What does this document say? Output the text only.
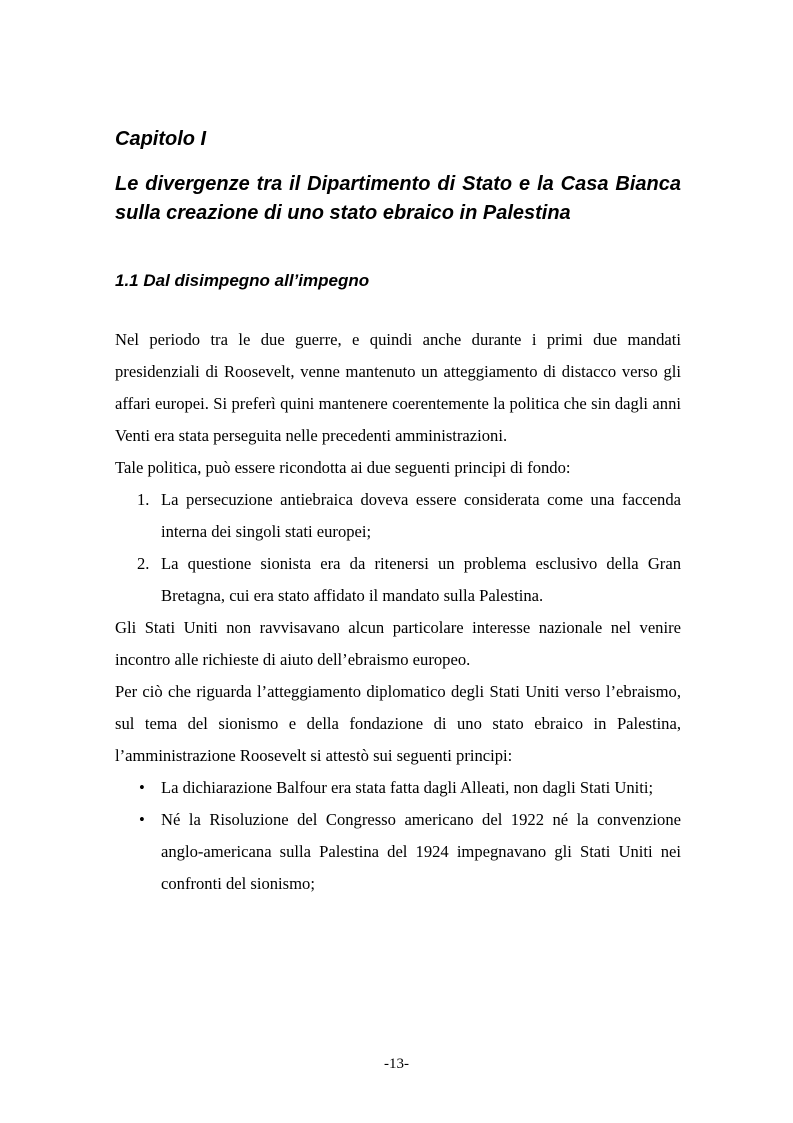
Capitolo I
Le divergenze tra il Dipartimento di Stato e la Casa Bianca sulla creazione di uno stato ebraico in Palestina
1.1 Dal disimpegno all’impegno

Nel periodo tra le due guerre, e quindi anche durante i primi due mandati presidenziali di Roosevelt, venne mantenuto un atteggiamento di distacco verso gli affari europei. Si preferì quini mantenere coerentemente la politica che sin dagli anni Venti era stata perseguita nelle precedenti amministrazioni.

Tale politica, può essere ricondotta ai due seguenti principi di fondo:

1. La persecuzione antiebraica doveva essere considerata come una faccenda interna dei singoli stati europei;
2. La questione sionista era da ritenersi un problema esclusivo della Gran Bretagna, cui era stato affidato il mandato sulla Palestina.

Gli Stati Uniti non ravvisavano alcun particolare interesse nazionale nel venire incontro alle richieste di aiuto dell’ebraismo europeo.

Per ciò che riguarda l’atteggiamento diplomatico degli Stati Uniti verso l’ebraismo, sul tema del sionismo e della fondazione di uno stato ebraico in Palestina, l’amministrazione Roosevelt si attestò sui seguenti principi:

• La dichiarazione Balfour era stata fatta dagli Alleati, non dagli Stati Uniti;
• Né la Risoluzione del Congresso americano del 1922 né la convenzione anglo-americana sulla Palestina del 1924 impegnavano gli Stati Uniti nei confronti del sionismo;
-13-
